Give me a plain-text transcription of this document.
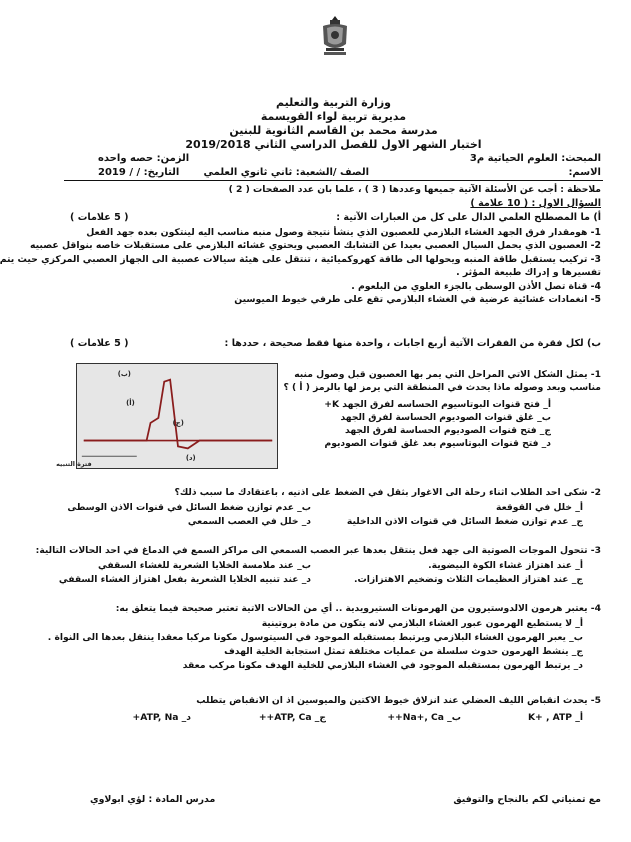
وزارة التربية والتعليم
مديرية تربية لواء القويسمة
مدرسة محمد بن القاسم الثانوية للبنين
اختبار الشهر الاول للفصل الدراسي الثاني 2019/2018
المبحث: العلوم الحياتية م3
الزمن: حصه واحده
الاسم:
الصف /الشعبة: ثاني ثانوي العلمي
التاريخ: / / 2019
ملاحظة : أجب عن الأسئلة الآتية جميعها وعددها ( 3 ) ، علما بان عدد الصفحات ( 2 )
السؤال الاول : ( 10 علامة )
أ) ما المصطلح العلمي الدال على كل من العبارات الآتية :
( 5 علامات )
1- هومقدار فرق الجهد الغشاء البلازمي للعصبون الذي ينشأ نتيجة وصول منبه مناسب اليه لينتكون بعده جهد الفعل
2- العصبون الذي يحمل السيال العصبي بعيدا عن التشابك العصبي ويحتوي غشائه البلازمي على مستقبلات خاصه بنواقل عصبيه
3- تركيب يستقبل طاقة المنبه ويحولها الى طاقة كهروكميائية ، تنتقل على هيئة سيالات عصبية الى الجهاز العصبي المركزي حيث يتم
تفسيرها و إدراك طبيعة المؤثر .
4- قناة تصل الأذن الوسطى بالجزء العلوي من البلعوم .
5- انغمادات غشائية عرضية في الغشاء البلازمي تقع على طرفي خيوط الميوسين
ب) لكل فقرة من الفقرات الآتية أربع اجابات ، واحدة منها فقط صحيحة ، حددها :
( 5 علامات )
(ب)
(أ)
(ج)
(د)
فترة التنبيه
1- يمثل الشكل الاتي المراحل التي يمر بها العصبون قبل وصول منبه
مناسب وبعد وصوله ماذا يحدث في المنطقة التي يرمز لها بالرمز ( أ ) ؟
أ_ فتح قنوات البوتاسيوم الحساسه لفرق الجهد K+
ب_ غلق قنوات الصوديوم الحساسة لفرق الجهد
ج_ فتح قنوات الصوديوم الحساسة لفرق الجهد
د_ فتح قنوات البوتاسيوم بعد غلق قنوات الصوديوم
2- شكى احد الطلاب اثناء رحلة الى الاغوار بثقل في الضغط على اذنيه ، باعتقادك ما سبب ذلك؟
أ_ خلل في القوقعة
ب_ عدم توازن ضغط السائل في قنوات الاذن الوسطى
ج_ عدم توازن ضغط السائل في قنوات الاذن الداخلية
د_ خلل في العصب السمعي
3- تتحول الموجات الصوتية الى جهد فعل ينتقل بعدها عبر العصب السمعي الى مراكز السمع في الدماغ في احد الحالات التالية:
أ_ عند اهتزاز غشاء الكوة البيضوية.
ب_ عند ملامسة الخلايا الشعرية للغشاء السقفي
ج_ عند اهتزاز العظيمات الثلاث وتضخيم الاهتزازات.
د_ عند تنبيه الخلايا الشعرية بفعل اهتزاز الغشاء السقفي
4- يعتبر هرمون الالدوستيرون من الهرمونات الستيرويدية .. أي من الحالات الاتية تعتبر صحيحة فيما يتعلق به:
أ_ لا يستطيع الهرمون عبور الغشاء البلازمي لانه يتكون من مادة بروتينية
ب_ يعبر الهرمون الغشاء البلازمي ويرتبط بمستقبله الموجود في السيتوسول مكونا مركبا معقدا ينتقل بعدها الى النواة .
ج_ ينشط الهرمون حدوث سلسلة من عمليات مختلفة تمثل استجابة الخلية الهدف
د_ يرتبط الهرمون بمستقبله الموجود في الغشاء البلازمي للخلية الهدف مكونا مركب معقد
5- يحدث انقباض الليف العضلي عند انزلاق خيوط الاكتين والميوسين اذ ان الانقباض يتطلب
أ_ K+ , ATP
ب_ Na+, Ca++
ج_ ATP, Ca++
د_ ATP, Na+
مع تمنياتي لكم بالنجاح والتوفيق
مدرس المادة : لؤي ابولاوي
